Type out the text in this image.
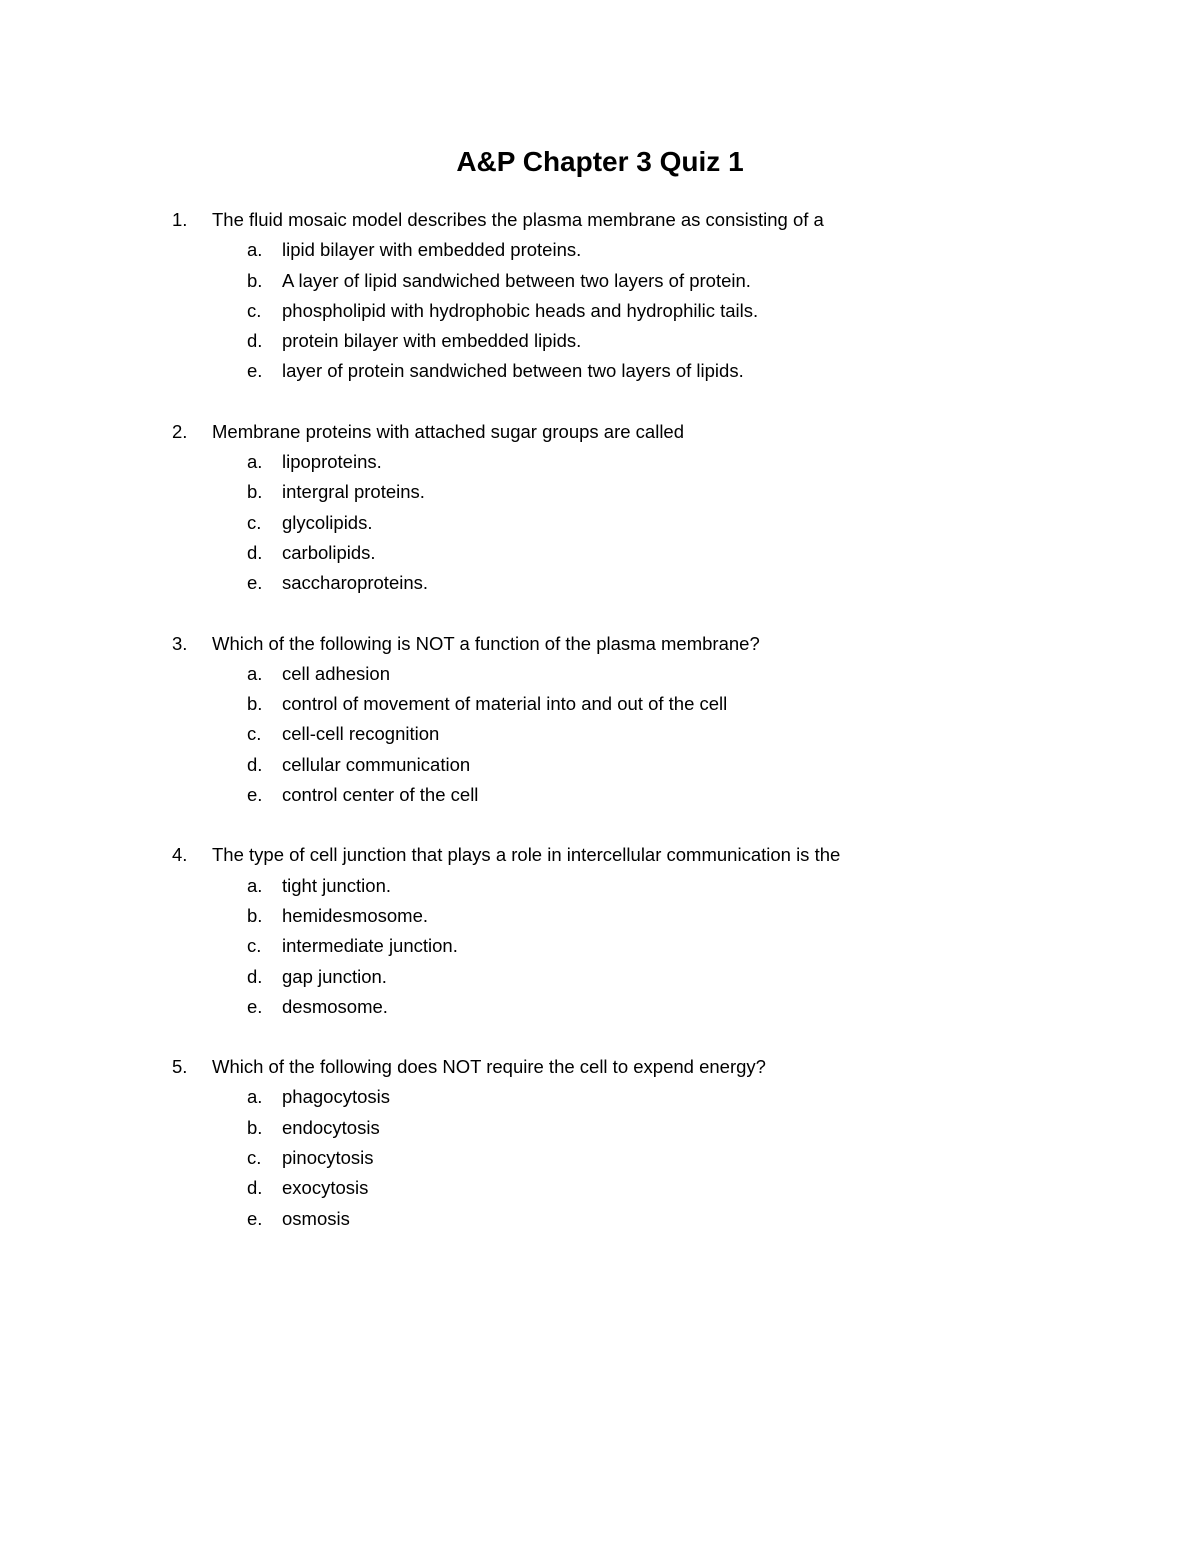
A&P Chapter 3 Quiz 1
1. The fluid mosaic model describes the plasma membrane as consisting of a
a. lipid bilayer with embedded proteins.
b. A layer of lipid sandwiched between two layers of protein.
c. phospholipid with hydrophobic heads and hydrophilic tails.
d. protein bilayer with embedded lipids.
e. layer of protein sandwiched between two layers of lipids.
2. Membrane proteins with attached sugar groups are called
a. lipoproteins.
b. intergral proteins.
c. glycolipids.
d. carbolipids.
e. saccharoproteins.
3. Which of the following is NOT a function of the plasma membrane?
a. cell adhesion
b. control of movement of material into and out of the cell
c. cell-cell recognition
d. cellular communication
e. control center of the cell
4. The type of cell junction that plays a role in intercellular communication is the
a. tight junction.
b. hemidesmosome.
c. intermediate junction.
d. gap junction.
e. desmosome.
5. Which of the following does NOT require the cell to expend energy?
a. phagocytosis
b. endocytosis
c. pinocytosis
d. exocytosis
e. osmosis
